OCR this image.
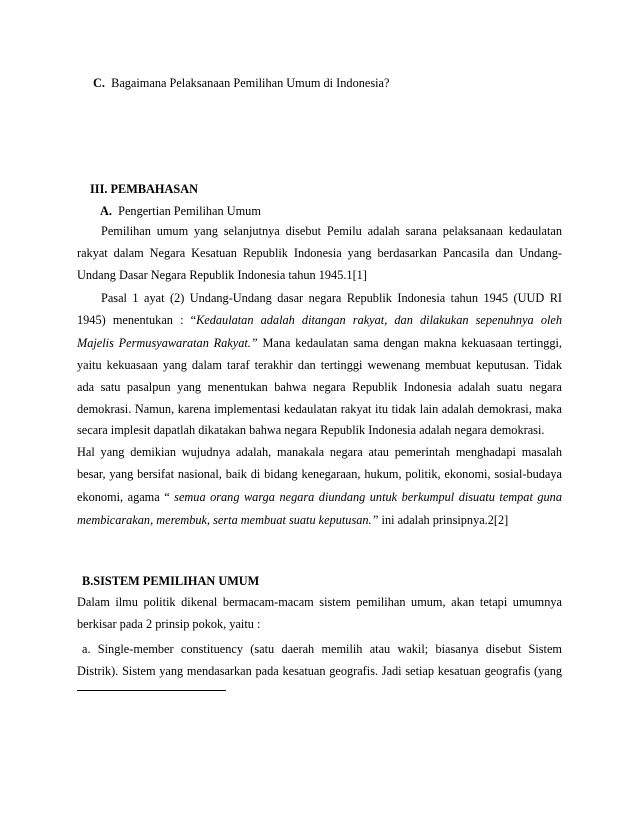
C. Bagaimana Pelaksanaan Pemilihan Umum di Indonesia?
III. PEMBAHASAN
A. Pengertian Pemilihan Umum
Pemilihan umum yang selanjutnya disebut Pemilu adalah sarana pelaksanaan kedaulatan
rakyat dalam Negara Kesatuan Republik Indonesia yang berdasarkan Pancasila dan Undang-
Undang Dasar Negara Republik Indonesia tahun 1945.1[1]
Pasal 1 ayat (2) Undang-Undang dasar negara Republik Indonesia tahun 1945 (UUD RI
1945) menentukan : “Kedaulatan adalah ditangan rakyat, dan dilakukan sepenuhnya oleh
Majelis Permusyawaratan Rakyat.” Mana kedaulatan sama dengan makna kekuasaan tertinggi,
yaitu kekuasaan yang dalam taraf terakhir dan tertinggi wewenang membuat keputusan. Tidak
ada satu pasalpun yang menentukan bahwa negara Republik Indonesia adalah suatu negara
demokrasi. Namun, karena implementasi kedaulatan rakyat itu tidak lain adalah demokrasi, maka
secara implesit dapatlah dikatakan bahwa negara Republik Indonesia adalah negara demokrasi.
Hal yang demikian wujudnya adalah, manakala negara atau pemerintah menghadapi masalah
besar, yang bersifat nasional, baik di bidang kenegaraan, hukum, politik, ekonomi, sosial-budaya
ekonomi, agama “ semua orang warga negara diundang untuk berkumpul disuatu tempat guna
membicarakan, merembuk, serta membuat suatu keputusan.” ini adalah prinsipnya.2[2]
B.SISTEM PEMILIHAN UMUM
Dalam ilmu politik dikenal bermacam-macam sistem pemilihan umum, akan tetapi umumnya
berkisar pada 2 prinsip pokok, yaitu :
a. Single-member constituency (satu daerah memilih atau wakil; biasanya disebut Sistem
Distrik). Sistem yang mendasarkan pada kesatuan geografis. Jadi setiap kesatuan geografis (yang
